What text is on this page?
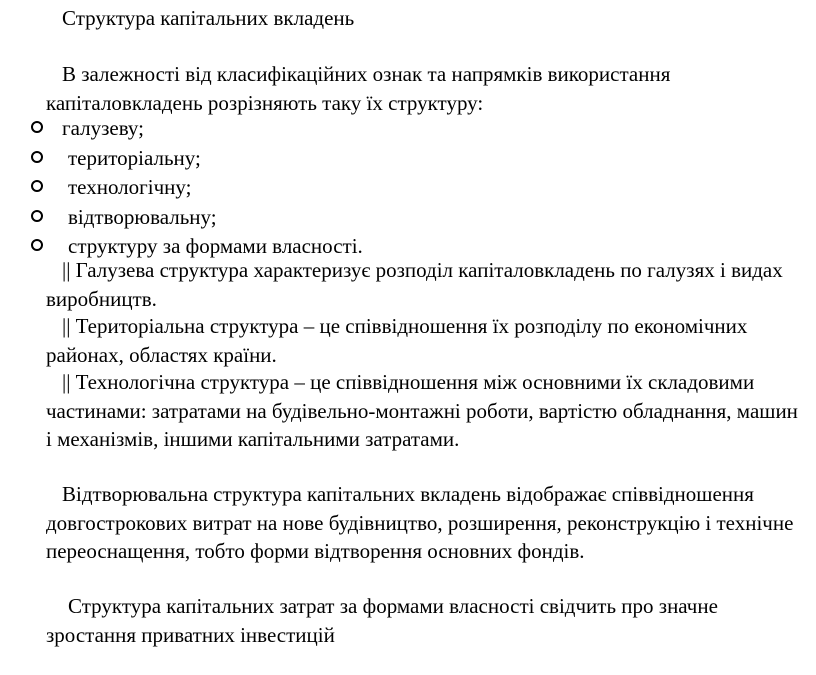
Структура капітальних вкладень

В залежності від класифікаційних ознак та напрямків використання капіталовкладень розрізняють таку їх структуру:

галузеву;
територіальну;
технологічну;
відтворювальну;
структуру за формами власності.

|| Галузева структура характеризує розподіл капіталовкладень по галузях і видах виробництв.

|| Територіальна структура – це співвідношення їх розподілу по економічних районах, областях країни.

|| Технологічна структура – це співвідношення між основними їх складовими частинами: затратами на будівельно-монтажні роботи, вартістю обладнання, машин і механізмів, іншими капітальними затратами.

Відтворювальна структура капітальних вкладень відображає співвідношення довгострокових витрат на нове будівництво, розширення, реконструкцію і технічне переоснащення, тобто форми відтворення основних фондів.

Структура капітальних затрат за формами власності свідчить про значне зростання приватних інвестицій
